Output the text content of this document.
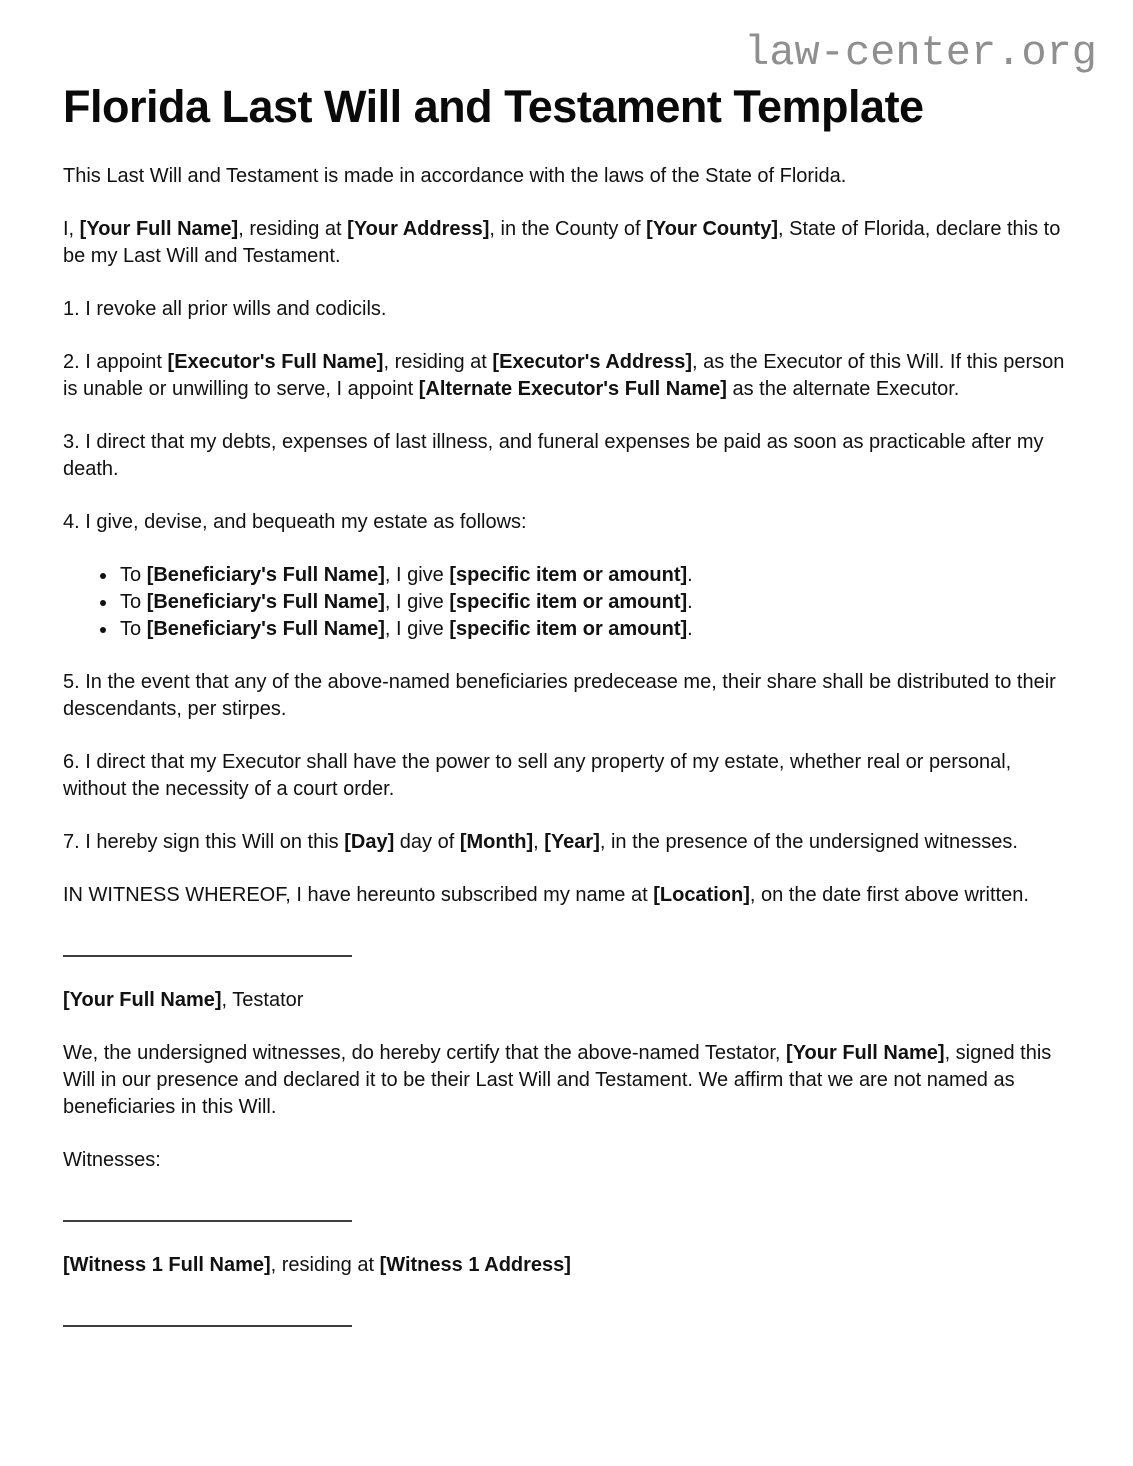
law-center.org
Florida Last Will and Testament Template

This Last Will and Testament is made in accordance with the laws of the State of Florida.

I, [Your Full Name], residing at [Your Address], in the County of [Your County], State of Florida, declare this to be my Last Will and Testament.

1. I revoke all prior wills and codicils.

2. I appoint [Executor's Full Name], residing at [Executor's Address], as the Executor of this Will. If this person is unable or unwilling to serve, I appoint [Alternate Executor's Full Name] as the alternate Executor.

3. I direct that my debts, expenses of last illness, and funeral expenses be paid as soon as practicable after my death.

4. I give, devise, and bequeath my estate as follows:

• To [Beneficiary's Full Name], I give [specific item or amount].
• To [Beneficiary's Full Name], I give [specific item or amount].
• To [Beneficiary's Full Name], I give [specific item or amount].

5. In the event that any of the above-named beneficiaries predecease me, their share shall be distributed to their descendants, per stirpes.

6. I direct that my Executor shall have the power to sell any property of my estate, whether real or personal, without the necessity of a court order.

7. I hereby sign this Will on this [Day] day of [Month], [Year], in the presence of the undersigned witnesses.

IN WITNESS WHEREOF, I have hereunto subscribed my name at [Location], on the date first above written.

[Your Full Name], Testator

We, the undersigned witnesses, do hereby certify that the above-named Testator, [Your Full Name], signed this Will in our presence and declared it to be their Last Will and Testament. We affirm that we are not named as beneficiaries in this Will.

Witnesses:

[Witness 1 Full Name], residing at [Witness 1 Address]
